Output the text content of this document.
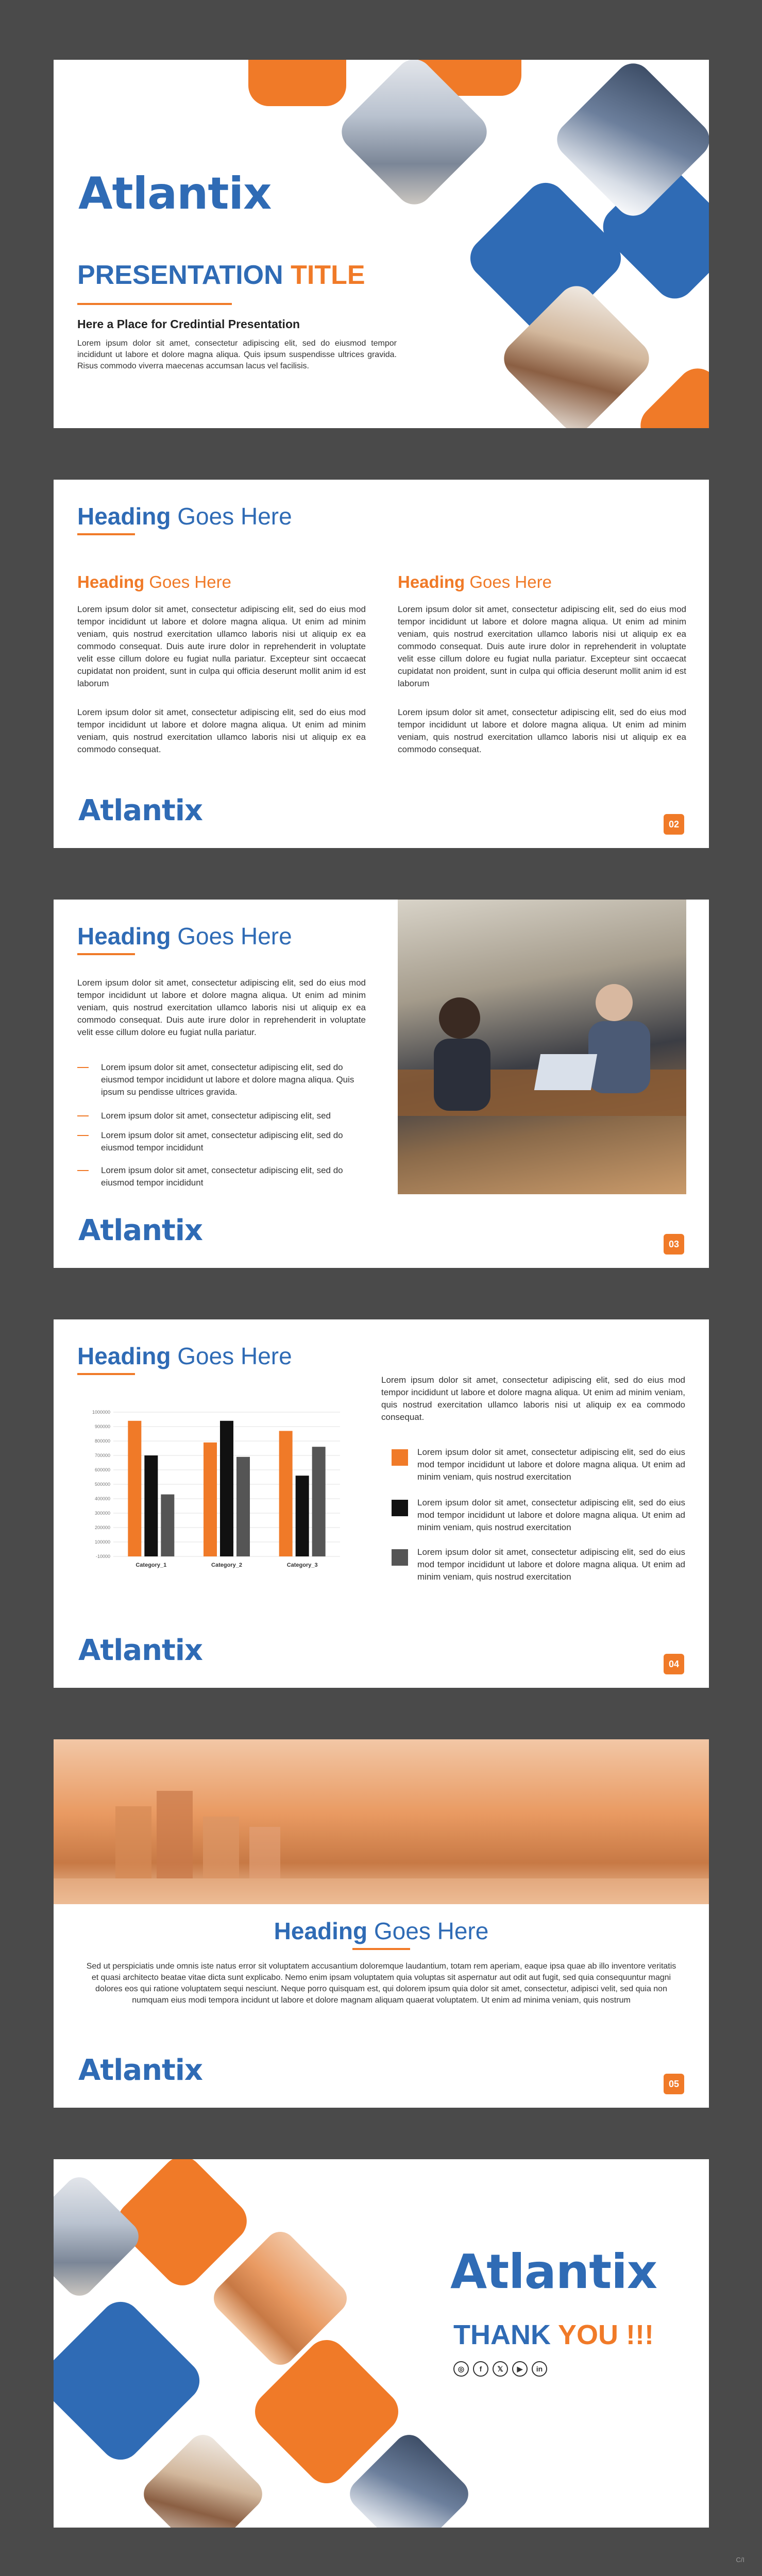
Atlantix
PRESENTATION TITLE
Here a Place for Credintial Presentation
Lorem ipsum dolor sit amet, consectetur adipiscing elit, sed do eiusmod tempor incididunt ut labore et dolore magna aliqua. Quis ipsum suspendisse ultrices gravida. Risus commodo viverra maecenas accumsan lacus vel facilisis.
Heading Goes Here
Heading Goes Here
Lorem ipsum dolor sit amet, consectetur adipiscing elit, sed do eius mod tempor incididunt ut labore et dolore magna aliqua. Ut enim ad minim veniam, quis nostrud exercitation ullamco laboris nisi ut aliquip ex ea commodo consequat. Duis aute irure dolor in reprehenderit in voluptate velit esse cillum dolore eu fugiat nulla pariatur. Excepteur sint occaecat cupidatat non proident, sunt in culpa qui officia deserunt mollit anim id est laborum
Lorem ipsum dolor sit amet, consectetur adipiscing elit, sed do eius mod tempor incididunt ut labore et dolore magna aliqua. Ut enim ad minim veniam, quis nostrud exercitation ullamco laboris nisi ut aliquip ex ea commodo consequat.
Heading Goes Here
Lorem ipsum dolor sit amet, consectetur adipiscing elit, sed do eius mod tempor incididunt ut labore et dolore magna aliqua. Ut enim ad minim veniam, quis nostrud exercitation ullamco laboris nisi ut aliquip ex ea commodo consequat. Duis aute irure dolor in reprehenderit in voluptate velit esse cillum dolore eu fugiat nulla pariatur. Excepteur sint occaecat cupidatat non proident, sunt in culpa qui officia deserunt mollit anim id est laborum
Lorem ipsum dolor sit amet, consectetur adipiscing elit, sed do eius mod tempor incididunt ut labore et dolore magna aliqua. Ut enim ad minim veniam, quis nostrud exercitation ullamco laboris nisi ut aliquip ex ea commodo consequat.
Atlantix	02
Heading Goes Here
Lorem ipsum dolor sit amet, consectetur adipiscing elit, sed do eius mod tempor incididunt ut labore et dolore magna aliqua. Ut enim ad minim veniam, quis nostrud exercitation ullamco laboris nisi ut aliquip ex ea commodo consequat. Duis aute irure dolor in reprehenderit in voluptate velit esse cillum dolore eu fugiat nulla pariatur.
Lorem ipsum dolor sit amet, consectetur adipiscing elit, sed do eiusmod tempor incididunt ut labore et dolore magna aliqua. Quis ipsum su pendisse ultrices gravida.
Lorem ipsum dolor sit amet, consectetur adipiscing elit, sed
Lorem ipsum dolor sit amet, consectetur adipiscing elit, sed do eiusmod tempor incididunt
Lorem ipsum dolor sit amet, consectetur adipiscing elit, sed do eiusmod tempor incididunt
Atlantix	03
Heading Goes Here
-10000
100000
200000
300000
400000
500000
600000
700000
800000
900000
1000000
Category_1	Category_2	Category_3
Lorem ipsum dolor sit amet, consectetur adipiscing elit, sed do eius mod tempor incididunt ut labore et dolore magna aliqua. Ut enim ad minim veniam, quis nostrud exercitation ullamco laboris nisi ut aliquip ex ea commodo consequat.
Lorem ipsum dolor sit amet, consectetur adipiscing elit, sed do eius mod tempor incididunt ut labore et dolore magna aliqua. Ut enim ad minim veniam, quis nostrud exercitation
Lorem ipsum dolor sit amet, consectetur adipiscing elit, sed do eius mod tempor incididunt ut labore et dolore magna aliqua. Ut enim ad minim veniam, quis nostrud exercitation
Lorem ipsum dolor sit amet, consectetur adipiscing elit, sed do eius mod tempor incididunt ut labore et dolore magna aliqua. Ut enim ad minim veniam, quis nostrud exercitation
Atlantix	04
Heading Goes Here
Sed ut perspiciatis unde omnis iste natus error sit voluptatem accusantium doloremque laudantium, totam rem aperiam, eaque ipsa quae ab illo inventore veritatis et quasi architecto beatae vitae dicta sunt explicabo. Nemo enim ipsam voluptatem quia voluptas sit aspernatur aut odit aut fugit, sed quia consequuntur magni dolores eos qui ratione voluptatem sequi nesciunt. Neque porro quisquam est, qui dolorem ipsum quia dolor sit amet, consectetur, adipisci velit, sed quia non numquam eius modi tempora incidunt ut labore et dolore magnam aliquam quaerat voluptatem. Ut enim ad minima veniam, quis nostrum
Atlantix	05
Atlantix
THANK YOU !!!
◎	f	𝕏	▶	in
C/I
